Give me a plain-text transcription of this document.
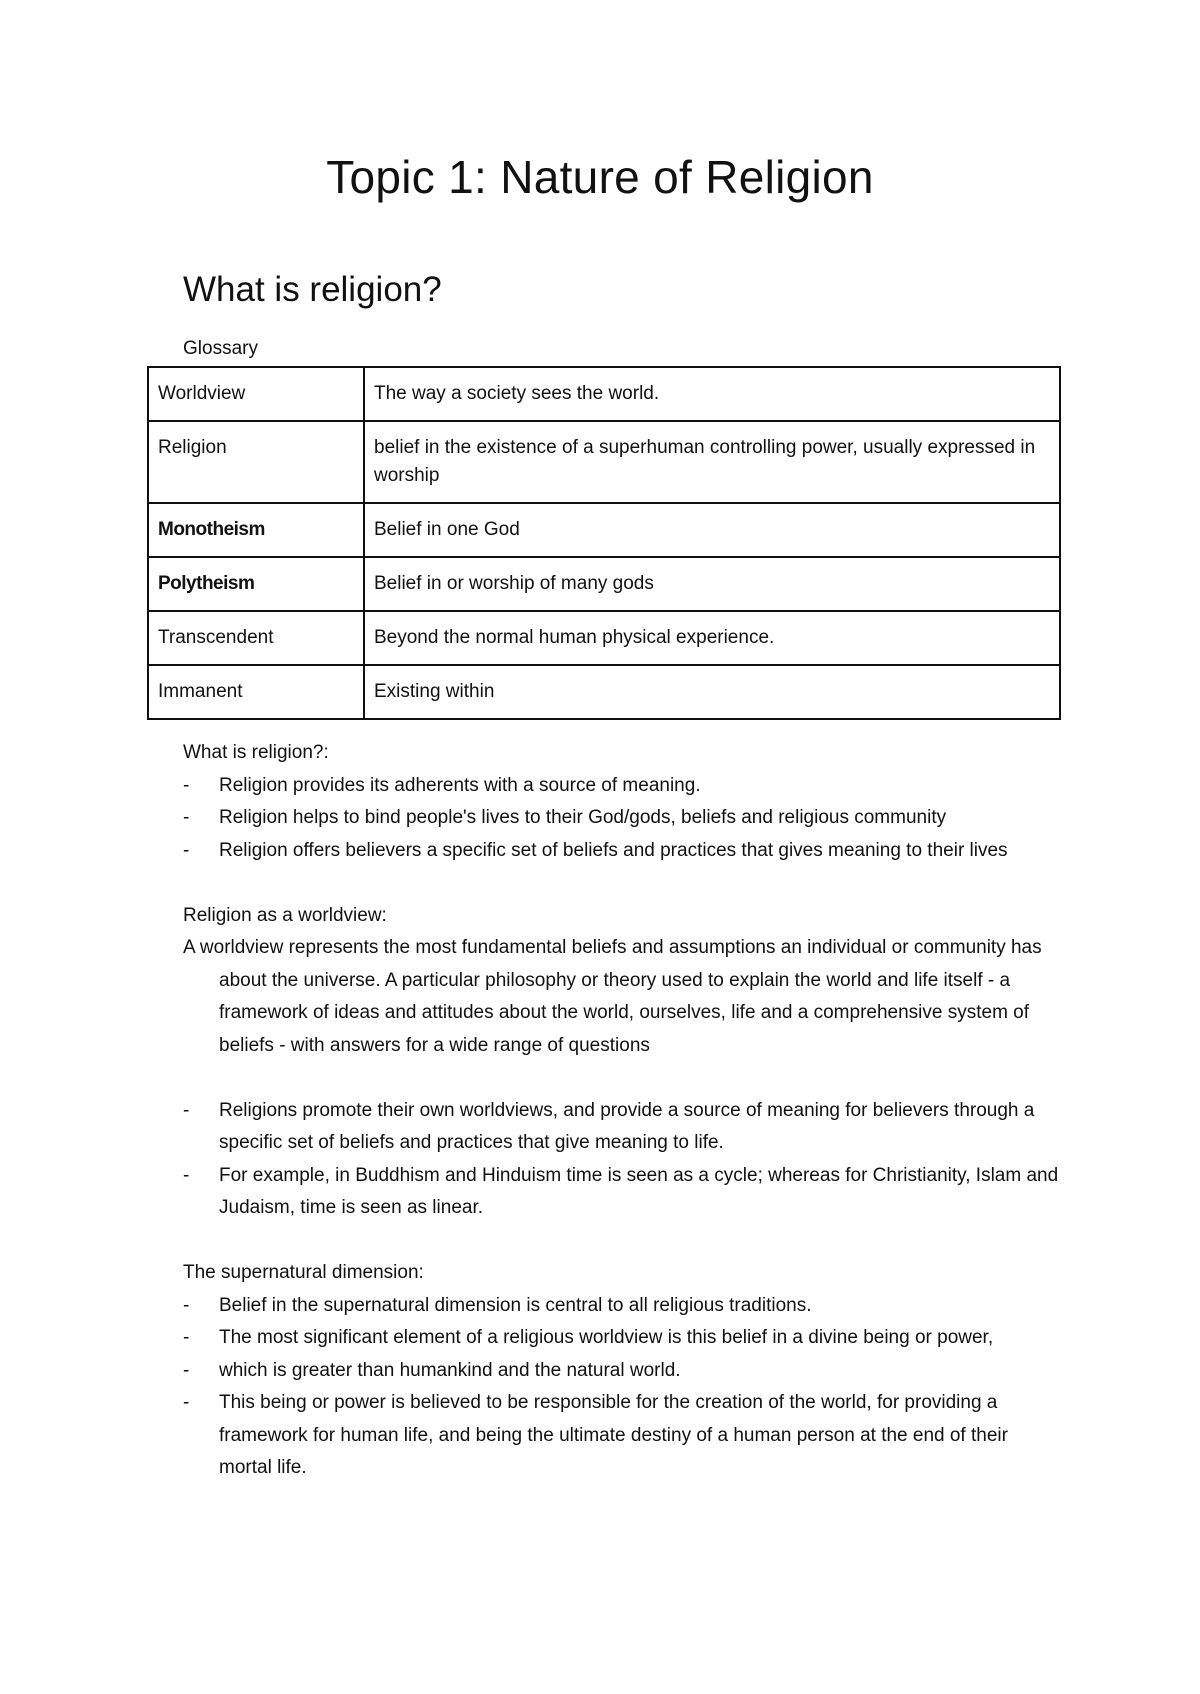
Topic 1: Nature of Religion
What is religion?
Glossary
Worldview	The way a society sees the world.
Religion	belief in the existence of a superhuman controlling power, usually expressed in worship
Monotheism	Belief in one God
Polytheism	Belief in or worship of many gods
Transcendent	Beyond the normal human physical experience.
Immanent	Existing within

What is religion?:

- Religion provides its adherents with a source of meaning.
- Religion helps to bind people's lives to their God/gods, beliefs and religious community
- Religion offers believers a specific set of beliefs and practices that gives meaning to their lives

Religion as a worldview:

A worldview represents the most fundamental beliefs and assumptions an individual or community has about the universe. A particular philosophy or theory used to explain the world and life itself - a framework of ideas and attitudes about the world, ourselves, life and a comprehensive system of beliefs - with answers for a wide range of questions

- Religions promote their own worldviews, and provide a source of meaning for believers through a specific set of beliefs and practices that give meaning to life.
- For example, in Buddhism and Hinduism time is seen as a cycle; whereas for Christianity, Islam and Judaism, time is seen as linear.

The supernatural dimension:

- Belief in the supernatural dimension is central to all religious traditions.
- The most significant element of a religious worldview is this belief in a divine being or power,
- which is greater than humankind and the natural world.
- This being or power is believed to be responsible for the creation of the world, for providing a framework for human life, and being the ultimate destiny of a human person at the end of their mortal life.
